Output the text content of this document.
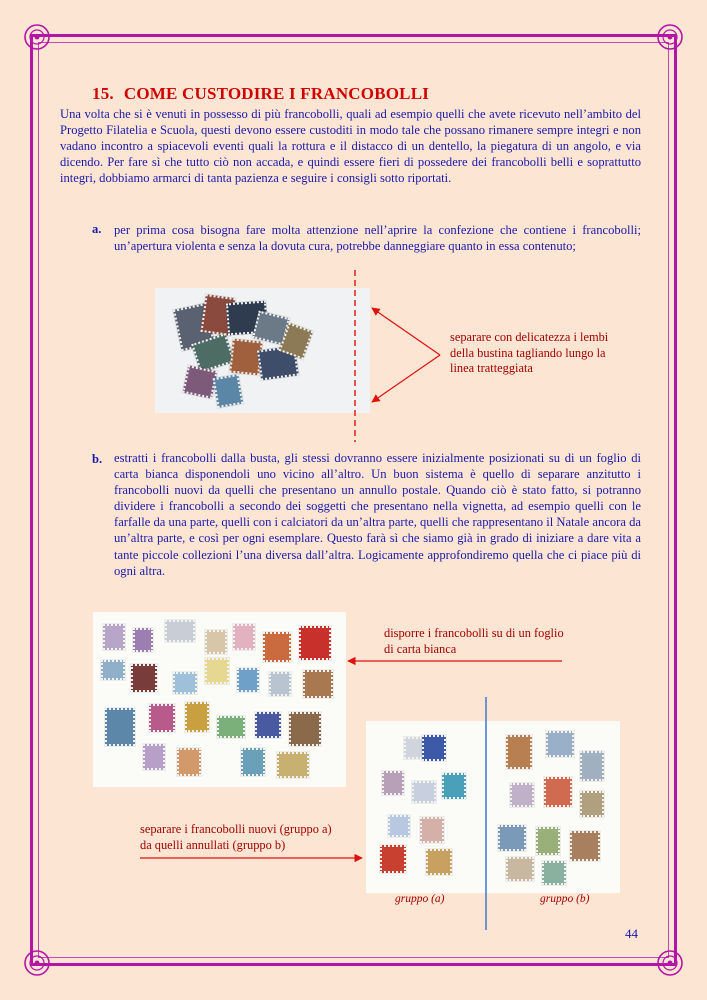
15. COME CUSTODIRE I FRANCOBOLLI
Una volta che si è venuti in possesso di più francobolli, quali ad esempio quelli che avete ricevuto nell’ambito del Progetto Filatelia e Scuola, questi devono essere custoditi in modo tale che possano rimanere sempre integri e non vadano incontro a spiacevoli eventi quali la rottura e il distacco di un dentello, la piegatura di un angolo, e via dicendo. Per fare sì che tutto ciò non accada, e quindi essere fieri di possedere dei francobolli belli e soprattutto integri, dobbiamo armarci di tanta pazienza e seguire i consigli sotto riportati.
a. per prima cosa bisogna fare molta attenzione nell’aprire la confezione che contiene i francobolli; un’apertura violenta e senza la dovuta cura, potrebbe danneggiare quanto in essa contenuto;
separare con delicatezza i lembi
della bustina tagliando lungo la
linea tratteggiata
b. estratti i francobolli dalla busta, gli stessi dovranno essere inizialmente posizionati su di un foglio di carta bianca disponendoli uno vicino all’altro. Un buon sistema è quello di separare anzitutto i francobolli nuovi da quelli che presentano un annullo postale. Quando ciò è stato fatto, si potranno dividere i francobolli a secondo dei soggetti che presentano nella vignetta, ad esempio quelli con le farfalle da una parte, quelli con i calciatori da un’altra parte, quelli che rappresentano il Natale ancora da un’altra parte, e così per ogni esemplare. Questo farà sì che siamo già in grado di iniziare a dare vita a tante piccole collezioni l’una diversa dall’altra. Logicamente approfondiremo quella che ci piace più di ogni altra.
disporre i francobolli su di un foglio
di carta bianca
gruppo (a)	gruppo (b)
separare i francobolli nuovi (gruppo a)
da quelli annullati (gruppo b)
44
